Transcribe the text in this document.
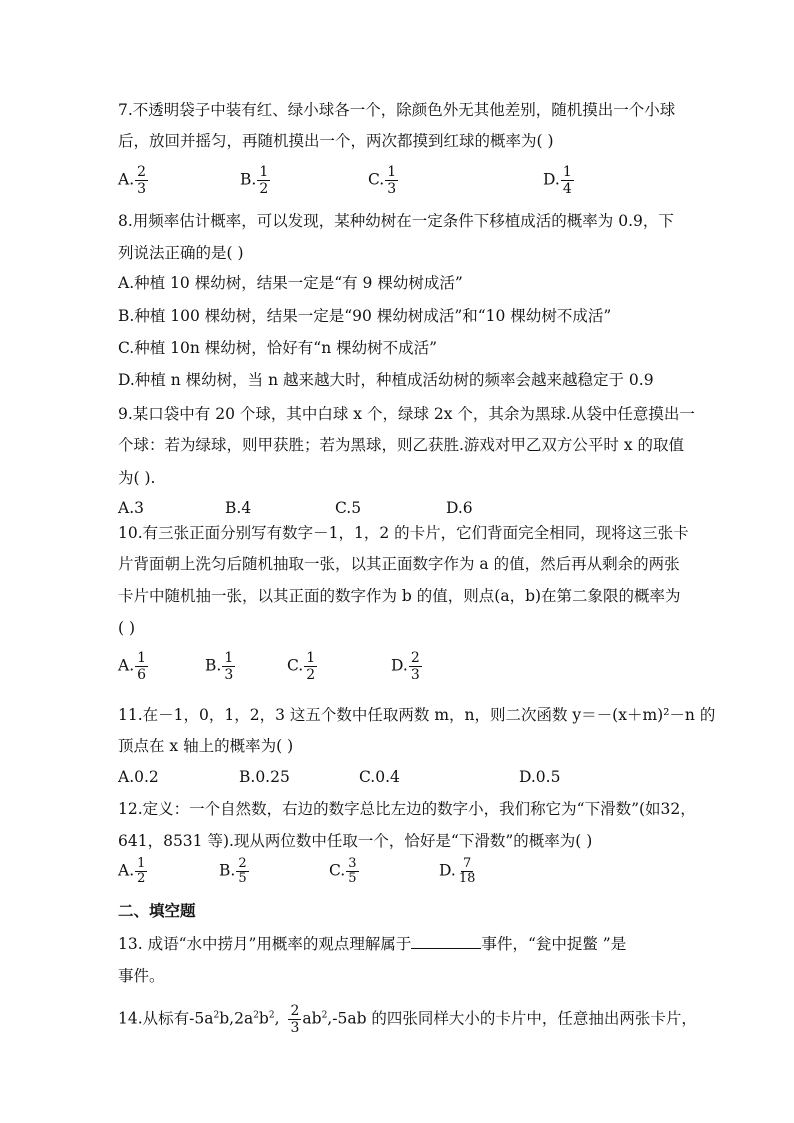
7.不透明袋子中装有红、绿小球各一个，除颜色外无其他差别，随机摸出一个小球
后，放回并摇匀，再随机摸出一个，两次都摸到红球的概率为( )
A. $\frac{2}{3}$	B. $\frac{1}{2}$	C. $\frac{1}{3}$	D. $\frac{1}{4}$
8.用频率估计概率，可以发现，某种幼树在一定条件下移植成活的概率为 0.9，下
列说法正确的是( )
A.种植 10 棵幼树，结果一定是“有 9 棵幼树成活”
B.种植 100 棵幼树，结果一定是“90 棵幼树成活”和“10 棵幼树不成活”
C.种植 10n 棵幼树，恰好有“n 棵幼树不成活”
D.种植 n 棵幼树，当 n 越来越大时，种植成活幼树的频率会越来越稳定于 0.9
9.某口袋中有 20 个球，其中白球 x 个，绿球 2x 个，其余为黑球.从袋中任意摸出一
个球：若为绿球，则甲获胜；若为黑球，则乙获胜.游戏对甲乙双方公平时 x 的取值
为( ).
A.3	B.4	C.5	D.6
10.有三张正面分别写有数字－1，1，2 的卡片，它们背面完全相同，现将这三张卡
片背面朝上洗匀后随机抽取一张，以其正面数字作为 a 的值，然后再从剩余的两张
卡片中随机抽一张，以其正面的数字作为 b 的值，则点(a，b)在第二象限的概率为
( )
A. $\frac{1}{6}$	B. $\frac{1}{3}$	C. $\frac{1}{2}$	D. $\frac{2}{3}$
11.在－1，0，1，2，3 这五个数中任取两数 m，n，则二次函数 y＝－(x＋m)²－n 的
顶点在 x 轴上的概率为( )
A.0.2	B.0.25	C.0.4	D.0.5
12.定义：一个自然数，右边的数字总比左边的数字小，我们称它为“下滑数”(如32，
641，8531 等).现从两位数中任取一个，恰好是“下滑数”的概率为( )
A. $\frac{1}{2}$	B. $\frac{2}{5}$	C. $\frac{3}{5}$	D. $\frac{7}{18}$
二、填空题
13. 成语“水中捞月”用概率的观点理解属于	事件，“瓮中捉鳖 ”是
事件。
14.从标有$-5a^2b,2a^2b^2$, $\frac{2}{3} ab^2,-5ab$ 的四张同样大小的卡片中，任意抽出两张卡片，
